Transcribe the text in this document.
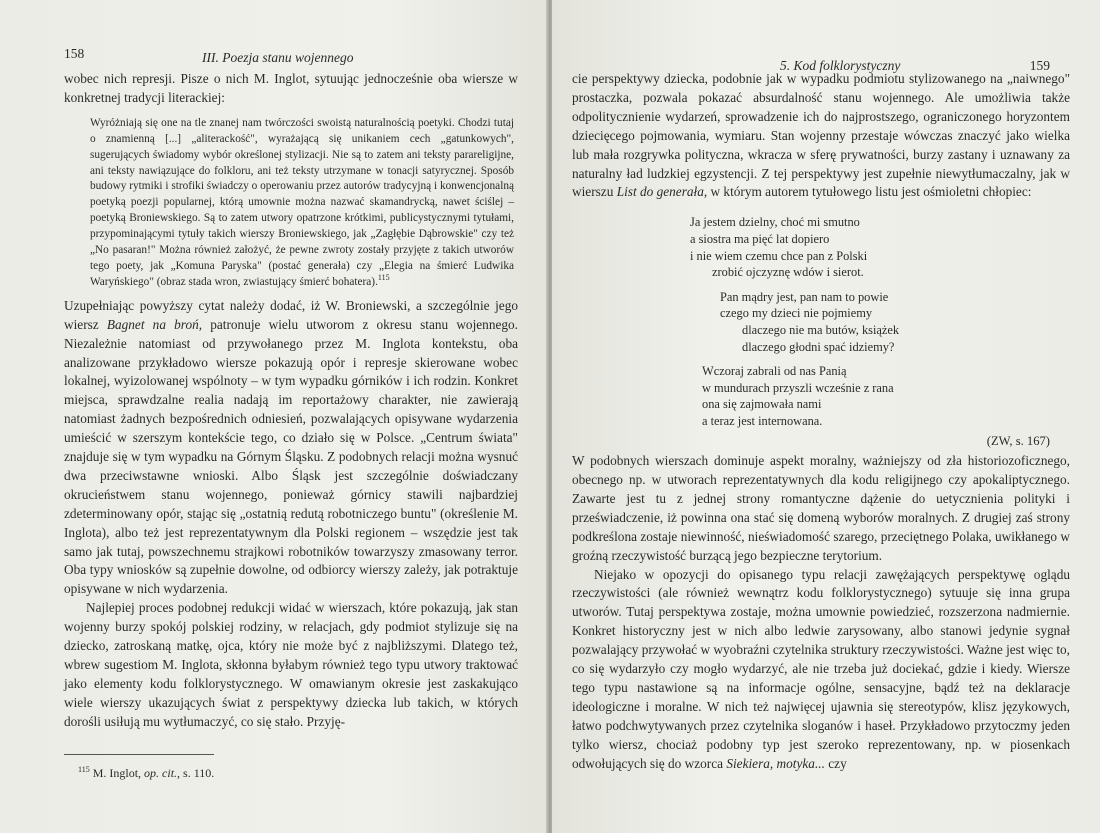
158	III. Poezja stanu wojennego

wobec nich represji. Pisze o nich M. Inglot, sytuując jednocześnie oba wiersze w konkretnej tradycji literackiej:

Wyróżniają się one na tle znanej nam twórczości swoistą naturalnością poetyki. Chodzi tutaj o znamienną [...] „aliterackość", wyrażającą się unikaniem cech „gatunkowych", sugerujących świadomy wybór określonej stylizacji. Nie są to zatem ani teksty parareligijne, ani teksty nawiązujące do folkloru, ani też teksty utrzymane w tonacji satyrycznej. Sposób budowy rytmiki i strofiki świadczy o operowaniu przez autorów tradycyjną i konwencjonalną poetyką poezji popularnej, którą umownie można nazwać skamandrycką, nawet ściślej – poetyką Broniewskiego. Są to zatem utwory opatrzone krótkimi, publicystycznymi tytułami, przypominającymi tytuły takich wierszy Broniewskiego, jak „Zagłębie Dąbrowskie" czy też „No pasaran!" Można również założyć, że pewne zwroty zostały przyjęte z takich utworów tego poety, jak „Komuna Paryska" (postać generała) czy „Elegia na śmierć Ludwika Waryńskiego" (obraz stada wron, zwiastujący śmierć bohatera).$^{115}$

Uzupełniając powyższy cytat należy dodać, iż W. Broniewski, a szczególnie jego wiersz Bagnet na broń, patronuje wielu utworom z okresu stanu wojennego. Niezależnie natomiast od przywołanego przez M. Inglota kontekstu, oba analizowane przykładowo wiersze pokazują opór i represje skierowane wobec lokalnej, wyizolowanej wspólnoty – w tym wypadku górników i ich rodzin. Konkret miejsca, sprawdzalne realia nadają im reportażowy charakter, nie zawierają natomiast żadnych bezpośrednich odniesień, pozwalających opisywane wydarzenia umieścić w szerszym kontekście tego, co działo się w Polsce. „Centrum świata" znajduje się w tym wypadku na Górnym Śląsku. Z podobnych relacji można wysnuć dwa przeciwstawne wnioski. Albo Śląsk jest szczególnie doświadczany okrucieństwem stanu wojennego, ponieważ górnicy stawili najbardziej zdeterminowany opór, stając się „ostatnią redutą robotniczego buntu" (określenie M. Inglota), albo też jest reprezentatywnym dla Polski regionem – wszędzie jest tak samo jak tutaj, powszechnemu strajkowi robotników towarzyszy zmasowany terror. Oba typy wniosków są zupełnie dowolne, od odbiorcy wierszy zależy, jak potraktuje opisywane w nich wydarzenia.

Najlepiej proces podobnej redukcji widać w wierszach, które pokazują, jak stan wojenny burzy spokój polskiej rodziny, w relacjach, gdy podmiot stylizuje się na dziecko, zatroskaną matkę, ojca, który nie może być z najbliższymi. Dlatego też, wbrew sugestiom M. Inglota, skłonna byłabym również tego typu utwory traktować jako elementy kodu folklorystycznego. W omawianym okresie jest zaskakująco wiele wierszy ukazujących świat z perspektywy dziecka lub takich, w których dorośli usiłują mu wytłumaczyć, co się stało. Przyję-

$^{115}$ M. Inglot, op. cit., s. 110.
5. Kod folklorystyczny	159

cie perspektywy dziecka, podobnie jak w wypadku podmiotu stylizowanego na „naiwnego" prostaczka, pozwala pokazać absurdalność stanu wojennego. Ale umożliwia także odpolitycznienie wydarzeń, sprowadzenie ich do najprostszego, ograniczonego horyzontem dziecięcego pojmowania, wymiaru. Stan wojenny przestaje wówczas znaczyć jako wielka lub mała rozgrywka polityczna, wkracza w sferę prywatności, burzy zastany i uznawany za naturalny ład ludzkiej egzystencji. Z tej perspektywy jest zupełnie niewytłumaczalny, jak w wierszu List do generała, w którym autorem tytułowego listu jest ośmioletni chłopiec:

Ja jestem dzielny, choć mi smutno
a siostra ma pięć lat dopiero
i nie wiem czemu chce pan z Polski
zrobić ojczyznę wdów i sierot.
Pan mądry jest, pan nam to powie
czego my dzieci nie pojmiemy
dlaczego nie ma butów, książek
dlaczego głodni spać idziemy?
Wczoraj zabrali od nas Panią
w mundurach przyszli wcześnie z rana
ona się zajmowała nami
a teraz jest internowana.
(ZW, s. 167)

W podobnych wierszach dominuje aspekt moralny, ważniejszy od zła historiozoficznego, obecnego np. w utworach reprezentatywnych dla kodu religijnego czy apokaliptycznego. Zawarte jest tu z jednej strony romantyczne dążenie do uetycznienia polityki i przeświadczenie, iż powinna ona stać się domeną wyborów moralnych. Z drugiej zaś strony podkreślona zostaje niewinność, nieświadomość szarego, przeciętnego Polaka, uwikłanego w groźną rzeczywistość burzącą jego bezpieczne terytorium.

Niejako w opozycji do opisanego typu relacji zawężających perspektywę oglądu rzeczywistości (ale również wewnątrz kodu folklorystycznego) sytuuje się inna grupa utworów. Tutaj perspektywa zostaje, można umownie powiedzieć, rozszerzona nadmiernie. Konkret historyczny jest w nich albo ledwie zarysowany, albo stanowi jedynie sygnał pozwalający przywołać w wyobraźni czytelnika struktury rzeczywistości. Ważne jest więc to, co się wydarzyło czy mogło wydarzyć, ale nie trzeba już dociekać, gdzie i kiedy. Wiersze tego typu nastawione są na informacje ogólne, sensacyjne, bądź też na deklaracje ideologiczne i moralne. W nich też najwięcej ujawnia się stereotypów, klisz językowych, łatwo podchwytywanych przez czytelnika sloganów i haseł. Przykładowo przytoczmy jeden tylko wiersz, chociaż podobny typ jest szeroko reprezentowany, np. w piosenkach odwołujących się do wzorca Siekiera, motyka... czy
